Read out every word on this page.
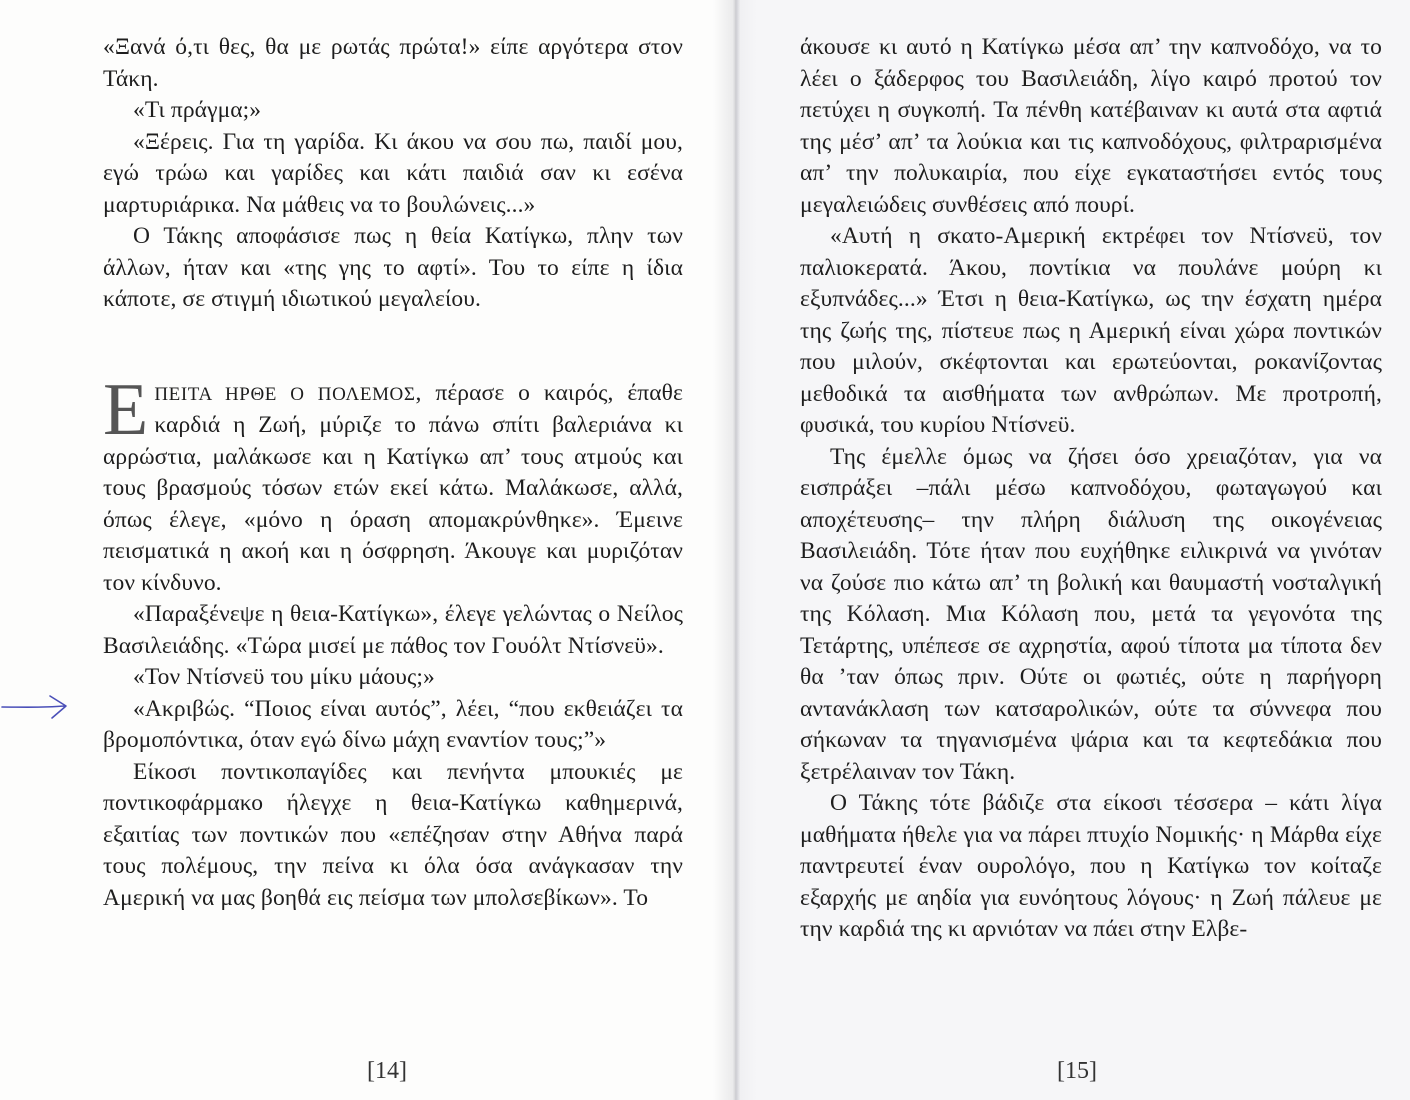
«Ξανά ό,τι θες, θα με ρωτάς πρώτα!» είπε αργότερα στον Τάκη.

«Τι πράγμα;»

«Ξέρεις. Για τη γαρίδα. Κι άκου να σου πω, παιδί μου, εγώ τρώω και γαρίδες και κάτι παιδιά σαν κι εσένα μαρτυριάρικα. Να μάθεις να το βουλώνεις...»

Ο Τάκης αποφάσισε πως η θεία Κατίγκω, πλην των άλλων, ήταν και «της γης το αφτί». Του το είπε η ίδια κάποτε, σε στιγμή ιδιωτικού μεγαλείου.

ΕΠΕΙΤΑ ΗΡΘΕ Ο ΠΟΛΕΜΟΣ, πέρασε ο καιρός, έπαθε καρδιά η Ζωή, μύριζε το πάνω σπίτι βαλεριάνα κι αρρώστια, μαλάκωσε και η Κατίγκω απ’ τους ατμούς και τους βρασμούς τόσων ετών εκεί κάτω. Μαλάκωσε, αλλά, όπως έλεγε, «μόνο η όραση απομακρύνθηκε». Έμεινε πεισματικά η ακοή και η όσφρηση. Άκουγε και μυριζόταν τον κίνδυνο.

«Παραξένεψε η θεια-Κατίγκω», έλεγε γελώντας ο Νείλος Βασιλειάδης. «Τώρα μισεί με πάθος τον Γουόλτ Ντίσνεϋ».

«Τον Ντίσνεϋ του μίκυ μάους;»

«Ακριβώς. “Ποιος είναι αυτός”, λέει, “που εκθειάζει τα βρομοπόντικα, όταν εγώ δίνω μάχη εναντίον τους;”»

Είκοσι ποντικοπαγίδες και πενήντα μπουκιές με ποντικοφάρμακο ήλεγχε η θεια-Κατίγκω καθημερινά, εξαιτίας των ποντικών που «επέζησαν στην Αθήνα παρά τους πολέμους, την πείνα κι όλα όσα ανάγκασαν την Αμερική να μας βοηθά εις πείσμα των μπολσεβίκων». Το

[14]	[15]

άκουσε κι αυτό η Κατίγκω μέσα απ’ την καπνοδόχο, να το λέει ο ξάδερφος του Βασιλειάδη, λίγο καιρό προτού τον πετύχει η συγκοπή. Τα πένθη κατέβαιναν κι αυτά στα αφτιά της μέσ’ απ’ τα λούκια και τις καπνοδόχους, φιλτραρισμένα απ’ την πολυκαιρία, που είχε εγκαταστήσει εντός τους μεγαλειώδεις συνθέσεις από πουρί.

«Αυτή η σκατο-Αμερική εκτρέφει τον Ντίσνεϋ, τον παλιοκερατά. Άκου, ποντίκια να πουλάνε μούρη κι εξυπνάδες...» Έτσι η θεια-Κατίγκω, ως την έσχατη ημέρα της ζωής της, πίστευε πως η Αμερική είναι χώρα ποντικών που μιλούν, σκέφτονται και ερωτεύονται, ροκανίζοντας μεθοδικά τα αισθήματα των ανθρώπων. Με προτροπή, φυσικά, του κυρίου Ντίσνεϋ.

Της έμελλε όμως να ζήσει όσο χρειαζόταν, για να εισπράξει –πάλι μέσω καπνοδόχου, φωταγωγού και αποχέτευσης– την πλήρη διάλυση της οικογένειας Βασιλειάδη. Τότε ήταν που ευχήθηκε ειλικρινά να γινόταν να ζούσε πιο κάτω απ’ τη βολική και θαυμαστή νοσταλγική της Κόλαση. Μια Κόλαση που, μετά τα γεγονότα της Τετάρτης, υπέπεσε σε αχρηστία, αφού τίποτα μα τίποτα δεν θα ’ταν όπως πριν. Ούτε οι φωτιές, ούτε η παρήγορη αντανάκλαση των κατσαρολικών, ούτε τα σύννεφα που σήκωναν τα τηγανισμένα ψάρια και τα κεφτεδάκια που ξετρέλαιναν τον Τάκη.

Ο Τάκης τότε βάδιζε στα είκοσι τέσσερα – κάτι λίγα μαθήματα ήθελε για να πάρει πτυχίο Νομικής· η Μάρθα είχε παντρευτεί έναν ουρολόγο, που η Κατίγκω τον κοίταζε εξαρχής με αηδία για ευνόητους λόγους· η Ζωή πάλευε με την καρδιά της κι αρνιόταν να πάει στην Ελβε-
